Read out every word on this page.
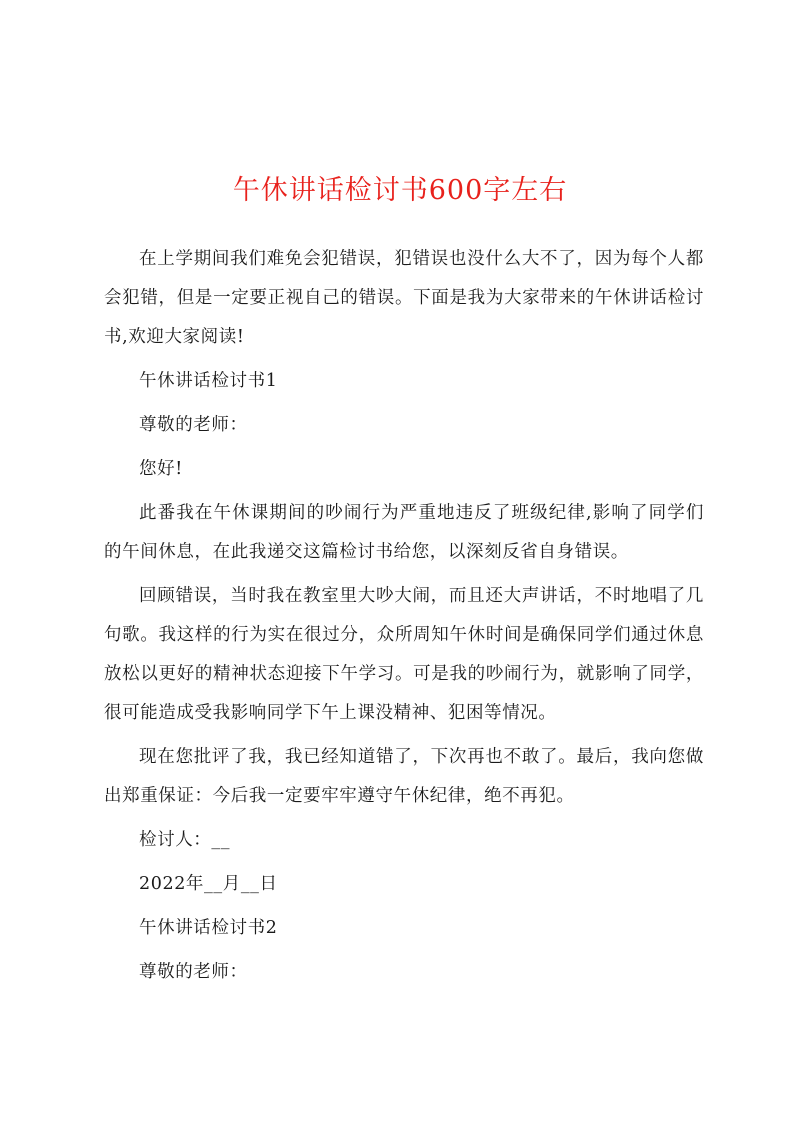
午休讲话检讨书600字左右

在上学期间我们难免会犯错误，犯错误也没什么大不了，因为每个人都会犯错，但是一定要正视自己的错误。下面是我为大家带来的午休讲话检讨书,欢迎大家阅读!

午休讲话检讨书1

尊敬的老师：

您好!

此番我在午休课期间的吵闹行为严重地违反了班级纪律,影响了同学们的午间休息，在此我递交这篇检讨书给您，以深刻反省自身错误。

回顾错误，当时我在教室里大吵大闹，而且还大声讲话，不时地唱了几句歌。我这样的行为实在很过分，众所周知午休时间是确保同学们通过休息放松以更好的精神状态迎接下午学习。可是我的吵闹行为，就影响了同学，很可能造成受我影响同学下午上课没精神、犯困等情况。

现在您批评了我，我已经知道错了，下次再也不敢了。最后，我向您做出郑重保证：今后我一定要牢牢遵守午休纪律，绝不再犯。

检讨人：__

2022年__月__日

午休讲话检讨书2

尊敬的老师：
